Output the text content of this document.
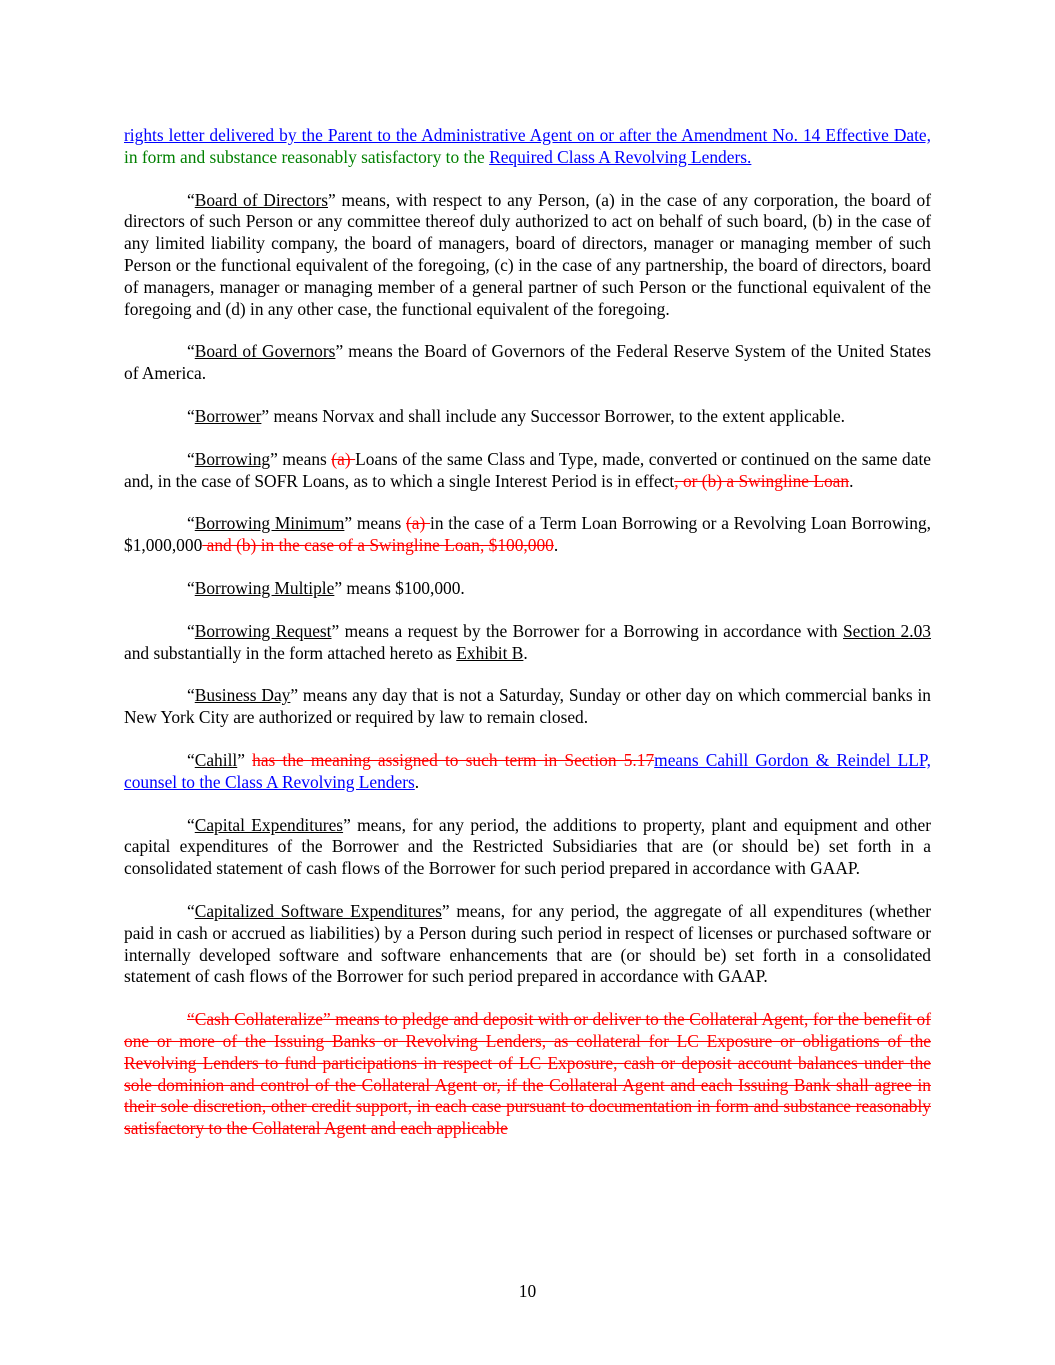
rights letter delivered by the Parent to the Administrative Agent on or after the Amendment No. 14 Effective Date, in form and substance reasonably satisfactory to the Required Class A Revolving Lenders.

“Board of Directors” means, with respect to any Person, (a) in the case of any corporation, the board of directors of such Person or any committee thereof duly authorized to act on behalf of such board, (b) in the case of any limited liability company, the board of managers, board of directors, manager or managing member of such Person or the functional equivalent of the foregoing, (c) in the case of any partnership, the board of directors, board of managers, manager or managing member of a general partner of such Person or the functional equivalent of the foregoing and (d) in any other case, the functional equivalent of the foregoing.

“Board of Governors” means the Board of Governors of the Federal Reserve System of the United States of America.

“Borrower” means Norvax and shall include any Successor Borrower, to the extent applicable.

“Borrowing” means (a) Loans of the same Class and Type, made, converted or continued on the same date and, in the case of SOFR Loans, as to which a single Interest Period is in effect, or (b) a Swingline Loan.

“Borrowing Minimum” means (a) in the case of a Term Loan Borrowing or a Revolving Loan Borrowing, $1,000,000 and (b) in the case of a Swingline Loan, $100,000.

“Borrowing Multiple” means $100,000.

“Borrowing Request” means a request by the Borrower for a Borrowing in accordance with Section 2.03 and substantially in the form attached hereto as Exhibit B.

“Business Day” means any day that is not a Saturday, Sunday or other day on which commercial banks in New York City are authorized or required by law to remain closed.

“Cahill” has the meaning assigned to such term in Section 5.17means Cahill Gordon & Reindel LLP, counsel to the Class A Revolving Lenders.

“Capital Expenditures” means, for any period, the additions to property, plant and equipment and other capital expenditures of the Borrower and the Restricted Subsidiaries that are (or should be) set forth in a consolidated statement of cash flows of the Borrower for such period prepared in accordance with GAAP.

“Capitalized Software Expenditures” means, for any period, the aggregate of all expenditures (whether paid in cash or accrued as liabilities) by a Person during such period in respect of licenses or purchased software or internally developed software and software enhancements that are (or should be) set forth in a consolidated statement of cash flows of the Borrower for such period prepared in accordance with GAAP.

“Cash Collateralize” means to pledge and deposit with or deliver to the Collateral Agent, for the benefit of one or more of the Issuing Banks or Revolving Lenders, as collateral for LC Exposure or obligations of the Revolving Lenders to fund participations in respect of LC Exposure, cash or deposit account balances under the sole dominion and control of the Collateral Agent or, if the Collateral Agent and each Issuing Bank shall agree in their sole discretion, other credit support, in each case pursuant to documentation in form and substance reasonably satisfactory to the Collateral Agent and each applicable

10
